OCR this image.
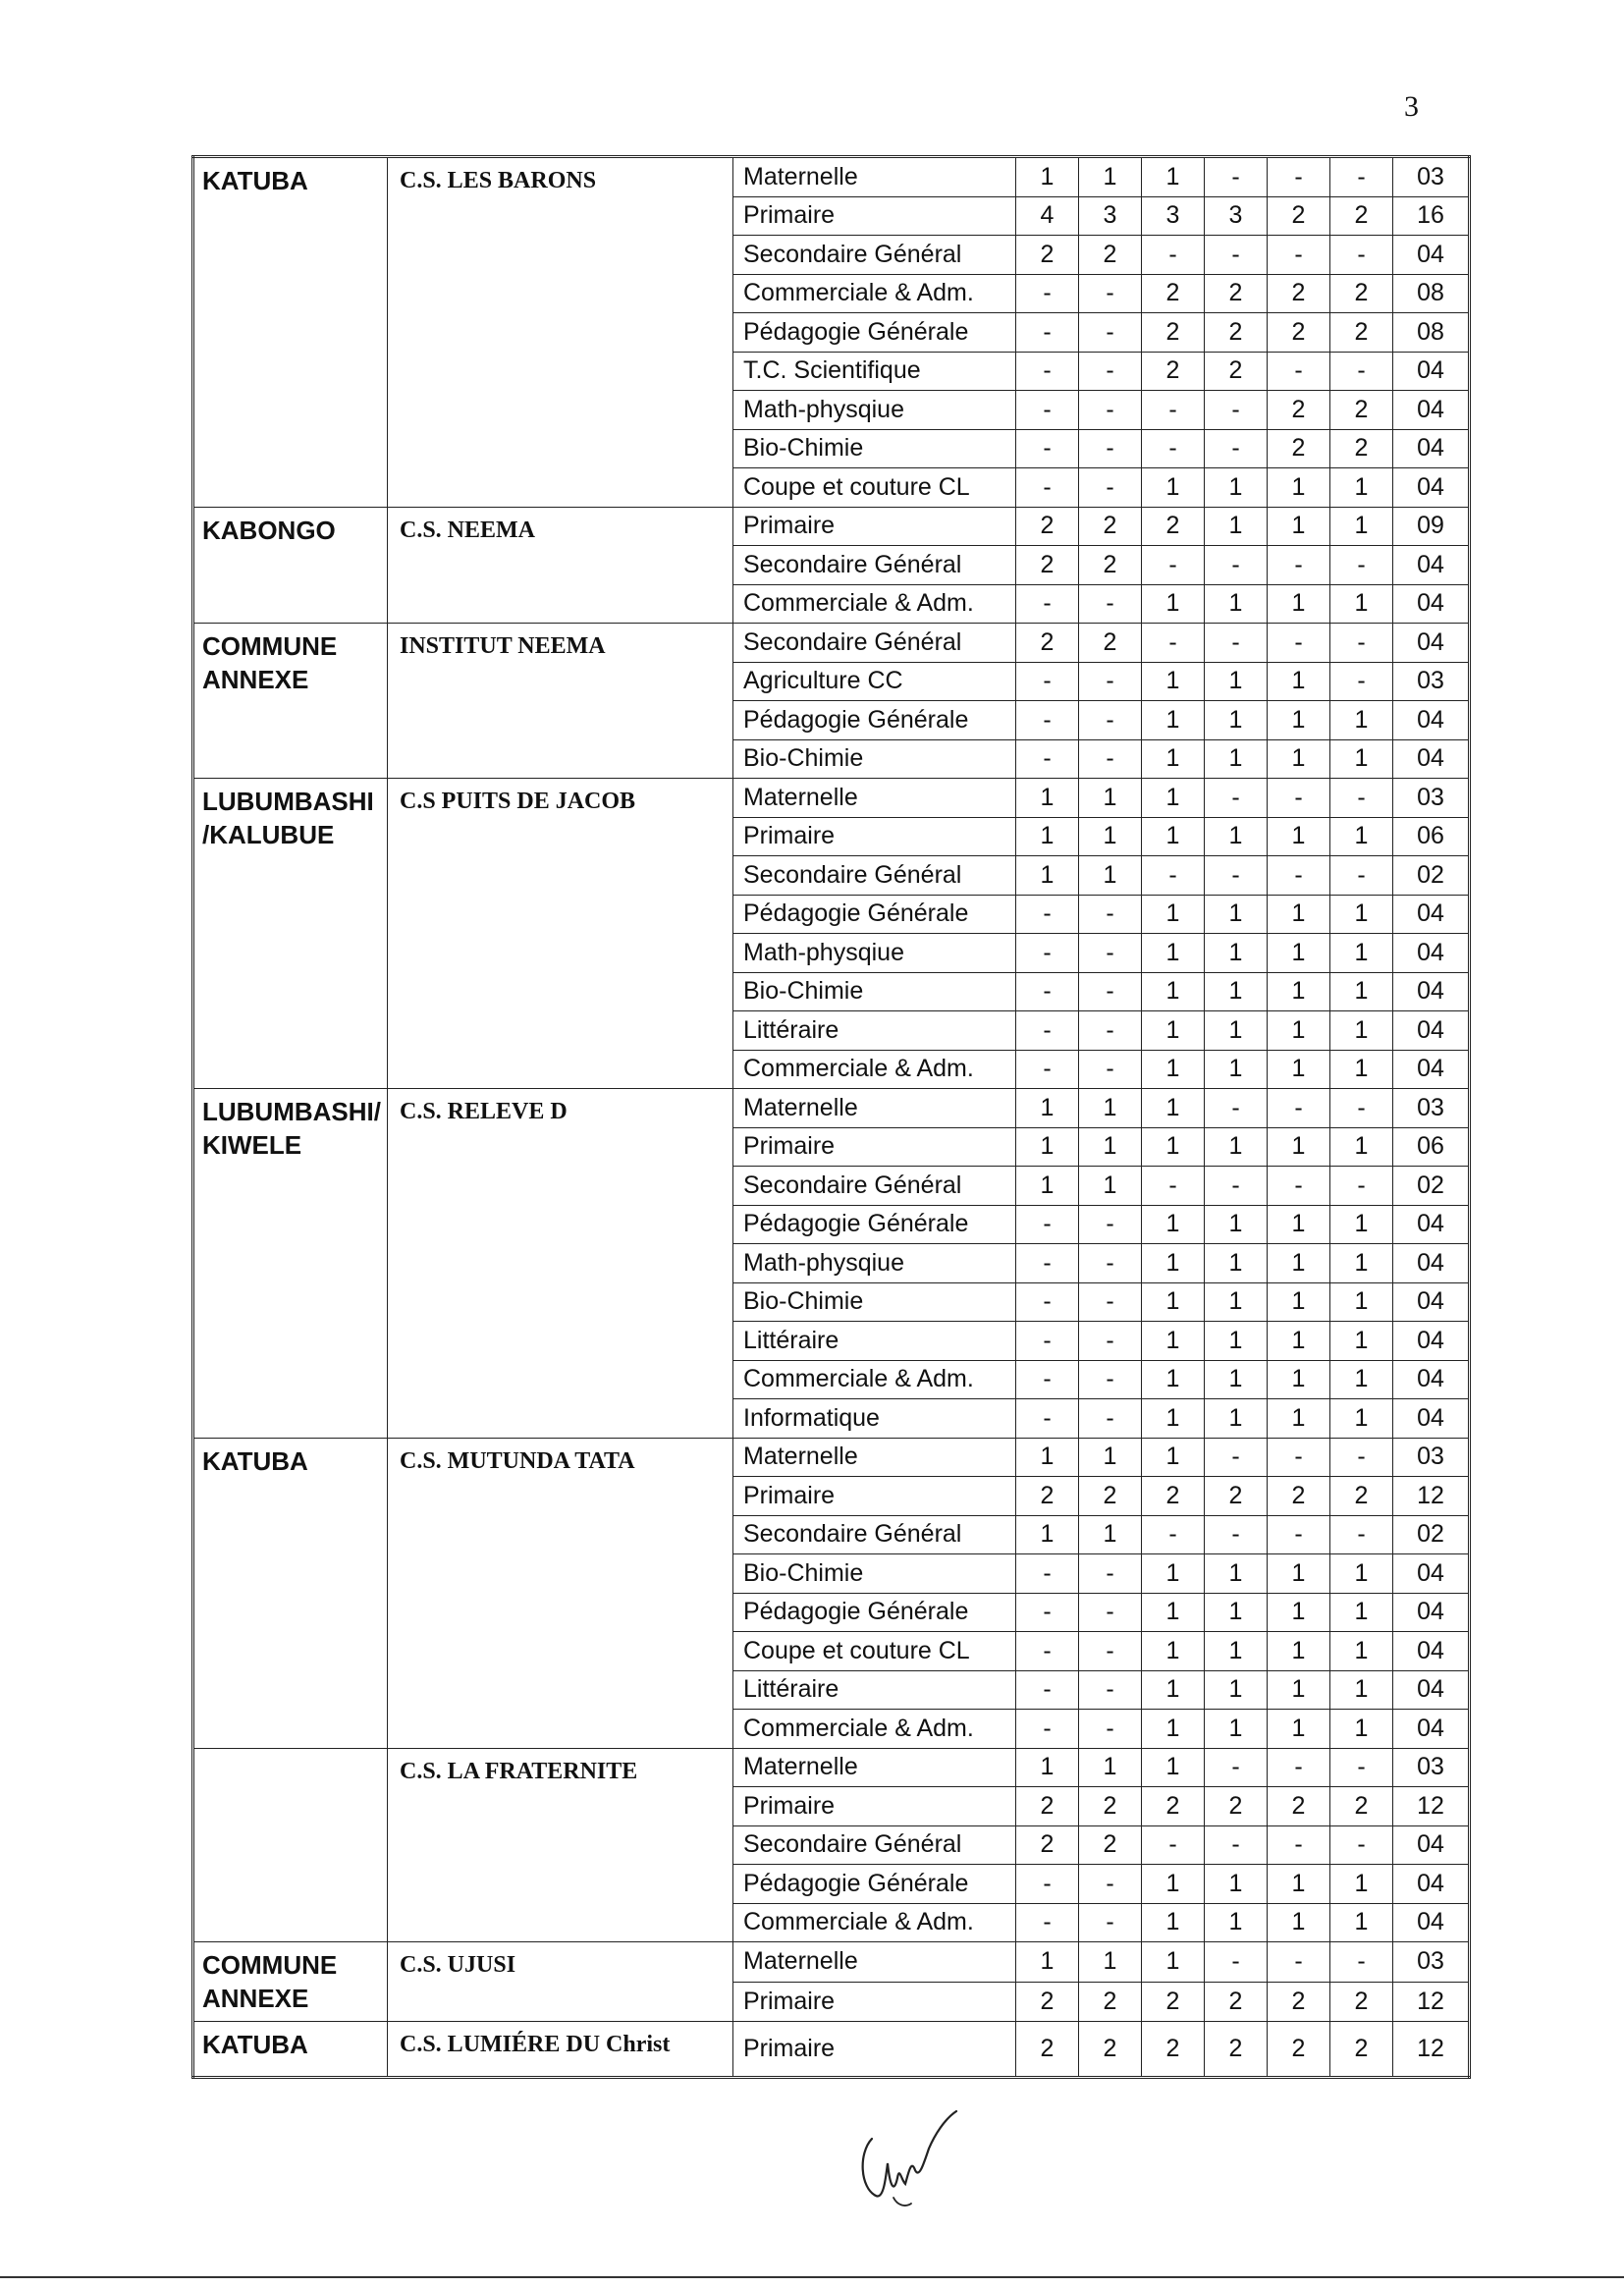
3
KATUBA	C.S. LES BARONS	Maternelle	1	1	1	-	-	-	03
		Primaire	4	3	3	3	2	2	16
		Secondaire Général	2	2	-	-	-	-	04
		Commerciale & Adm.	-	-	2	2	2	2	08
		Pédagogie Générale	-	-	2	2	2	2	08
		T.C. Scientifique	-	-	2	2	-	-	04
		Math-physqiue	-	-	-	-	2	2	04
		Bio-Chimie	-	-	-	-	2	2	04
		Coupe et couture CL	-	-	1	1	1	1	04
KABONGO	C.S. NEEMA	Primaire	2	2	2	1	1	1	09
		Secondaire Général	2	2	-	-	-	-	04
		Commerciale & Adm.	-	-	1	1	1	1	04
COMMUNE ANNEXE	INSTITUT NEEMA	Secondaire Général	2	2	-	-	-	-	04
		Agriculture CC	-	-	1	1	1	-	03
		Pédagogie Générale	-	-	1	1	1	1	04
		Bio-Chimie	-	-	1	1	1	1	04
LUBUMBASHI /KALUBUE	C.S PUITS DE JACOB	Maternelle	1	1	1	-	-	-	03
		Primaire	1	1	1	1	1	1	06
		Secondaire Général	1	1	-	-	-	-	02
		Pédagogie Générale	-	-	1	1	1	1	04
		Math-physqiue	-	-	1	1	1	1	04
		Bio-Chimie	-	-	1	1	1	1	04
		Littéraire	-	-	1	1	1	1	04
		Commerciale & Adm.	-	-	1	1	1	1	04
LUBUMBASHI/ KIWELE	C.S. RELEVE D	Maternelle	1	1	1	-	-	-	03
		Primaire	1	1	1	1	1	1	06
		Secondaire Général	1	1	-	-	-	-	02
		Pédagogie Générale	-	-	1	1	1	1	04
		Math-physqiue	-	-	1	1	1	1	04
		Bio-Chimie	-	-	1	1	1	1	04
		Littéraire	-	-	1	1	1	1	04
		Commerciale & Adm.	-	-	1	1	1	1	04
		Informatique	-	-	1	1	1	1	04
KATUBA	C.S. MUTUNDA TATA	Maternelle	1	1	1	-	-	-	03
		Primaire	2	2	2	2	2	2	12
		Secondaire Général	1	1	-	-	-	-	02
		Bio-Chimie	-	-	1	1	1	1	04
		Pédagogie Générale	-	-	1	1	1	1	04
		Coupe et couture CL	-	-	1	1	1	1	04
		Littéraire	-	-	1	1	1	1	04
		Commerciale & Adm.	-	-	1	1	1	1	04
	C.S. LA FRATERNITE	Maternelle	1	1	1	-	-	-	03
		Primaire	2	2	2	2	2	2	12
		Secondaire Général	2	2	-	-	-	-	04
		Pédagogie Générale	-	-	1	1	1	1	04
		Commerciale & Adm.	-	-	1	1	1	1	04
COMMUNE ANNEXE	C.S. UJUSI	Maternelle	1	1	1	-	-	-	03
		Primaire	2	2	2	2	2	2	12
KATUBA	C.S. LUMIÉRE DU Christ	Primaire	2	2	2	2	2	2	12
